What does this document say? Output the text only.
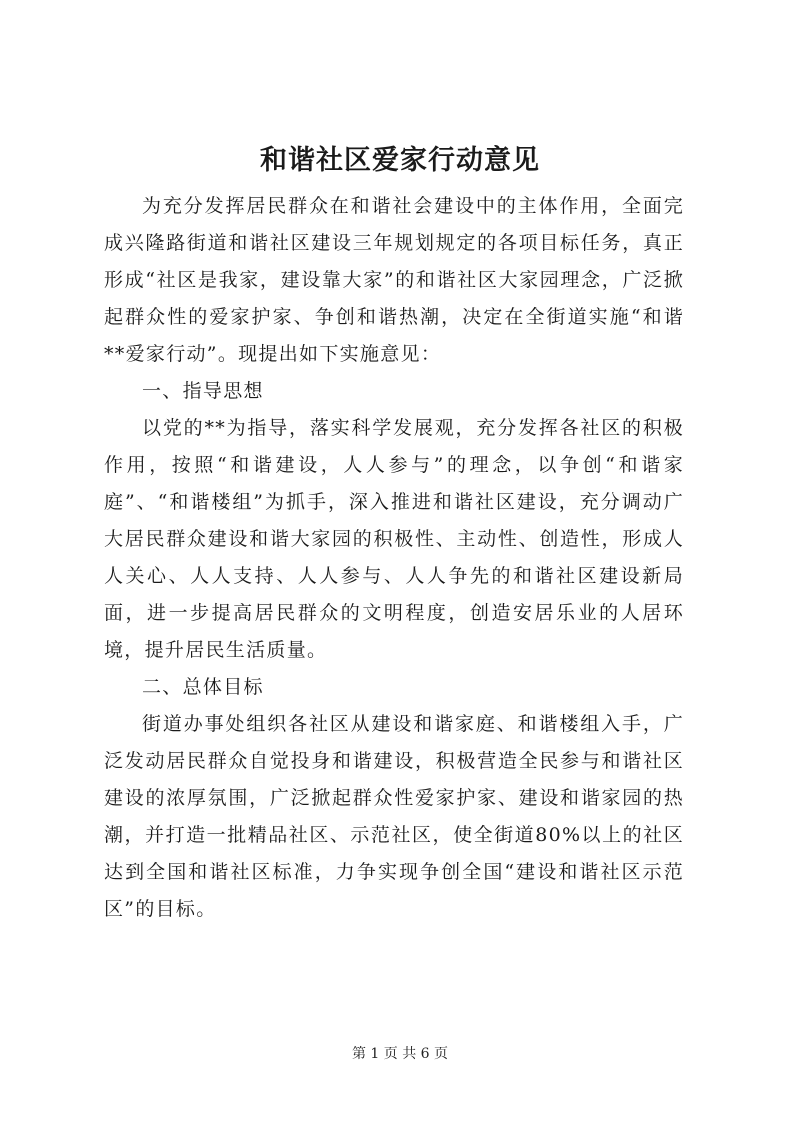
和谐社区爱家行动意见

为充分发挥居民群众在和谐社会建设中的主体作用，全面完成兴隆路街道和谐社区建设三年规划规定的各项目标任务，真正形成“社区是我家，建设靠大家”的和谐社区大家园理念，广泛掀起群众性的爱家护家、争创和谐热潮，决定在全街道实施“和谐**爱家行动”。现提出如下实施意见：

一、指导思想

以党的**为指导，落实科学发展观，充分发挥各社区的积极作用，按照“和谐建设，人人参与”的理念，以争创“和谐家庭”、“和谐楼组”为抓手，深入推进和谐社区建设，充分调动广大居民群众建设和谐大家园的积极性、主动性、创造性，形成人人关心、人人支持、人人参与、人人争先的和谐社区建设新局面，进一步提高居民群众的文明程度，创造安居乐业的人居环境，提升居民生活质量。

二、总体目标

街道办事处组织各社区从建设和谐家庭、和谐楼组入手，广泛发动居民群众自觉投身和谐建设，积极营造全民参与和谐社区建设的浓厚氛围，广泛掀起群众性爱家护家、建设和谐家园的热潮，并打造一批精品社区、示范社区，使全街道80%以上的社区达到全国和谐社区标准，力争实现争创全国“建设和谐社区示范区”的目标。

第 1 页 共 6 页
